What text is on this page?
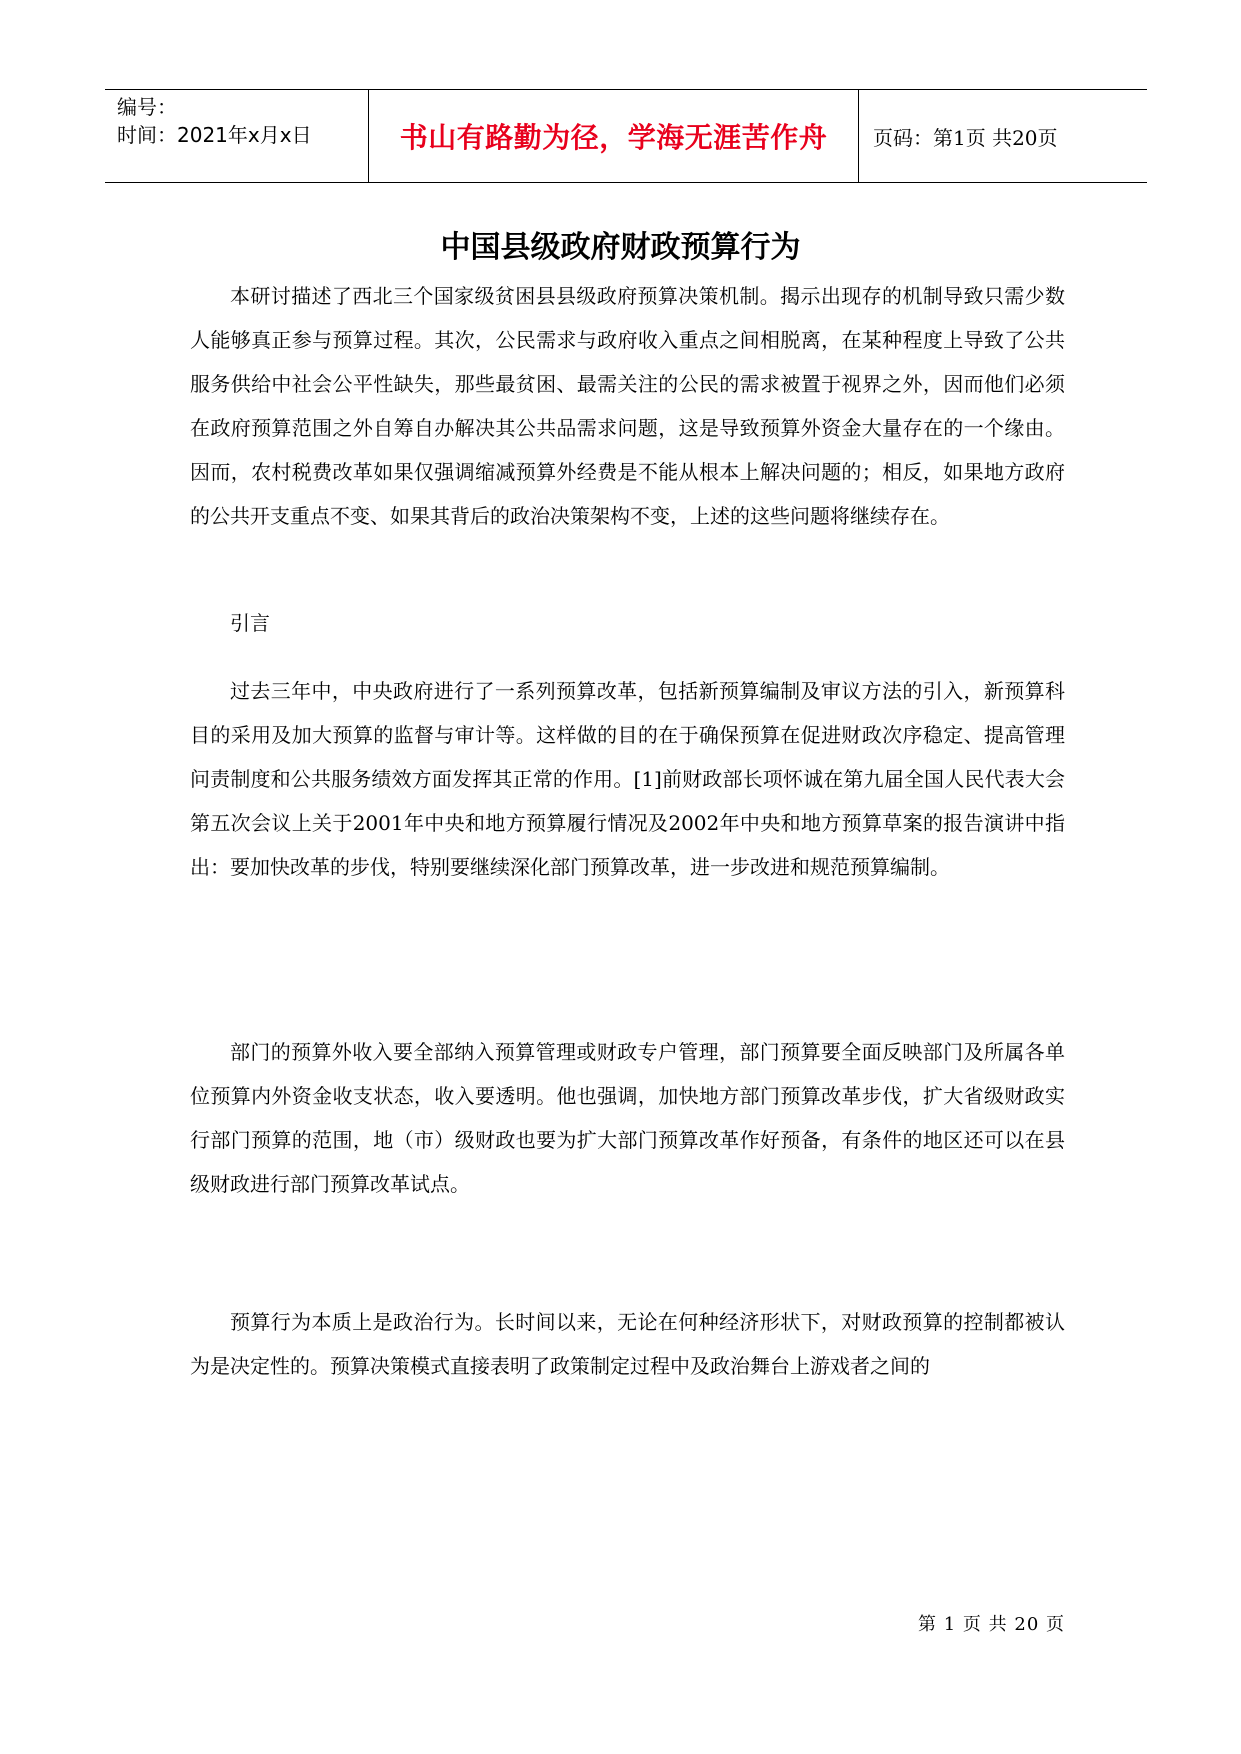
编号：
时间：2021年x月x日	书山有路勤为径，学海无涯苦作舟	页码：第1页 共20页
中国县级政府财政预算行为

本研讨描述了西北三个国家级贫困县县级政府预算决策机制。揭示出现存的机制导致只需少数人能够真正参与预算过程。其次，公民需求与政府收入重点之间相脱离，在某种程度上导致了公共服务供给中社会公平性缺失，那些最贫困、最需关注的公民的需求被置于视界之外，因而他们必须在政府预算范围之外自筹自办解决其公共品需求问题，这是导致预算外资金大量存在的一个缘由。因而，农村税费改革如果仅强调缩减预算外经费是不能从根本上解决问题的；相反，如果地方政府的公共开支重点不变、如果其背后的政治决策架构不变，上述的这些问题将继续存在。

引言

过去三年中，中央政府进行了一系列预算改革，包括新预算编制及审议方法的引入，新预算科目的采用及加大预算的监督与审计等。这样做的目的在于确保预算在促进财政次序稳定、提高管理问责制度和公共服务绩效方面发挥其正常的作用。[1]前财政部长项怀诚在第九届全国人民代表大会第五次会议上关于2001年中央和地方预算履行情况及2002年中央和地方预算草案的报告演讲中指出：要加快改革的步伐，特别要继续深化部门预算改革，进一步改进和规范预算编制。

部门的预算外收入要全部纳入预算管理或财政专户管理，部门预算要全面反映部门及所属各单位预算内外资金收支状态，收入要透明。他也强调，加快地方部门预算改革步伐，扩大省级财政实行部门预算的范围，地（市）级财政也要为扩大部门预算改革作好预备，有条件的地区还可以在县级财政进行部门预算改革试点。

预算行为本质上是政治行为。长时间以来，无论在何种经济形状下，对财政预算的控制都被认为是决定性的。预算决策模式直接表明了政策制定过程中及政治舞台上游戏者之间的

第 1 页 共 20 页
